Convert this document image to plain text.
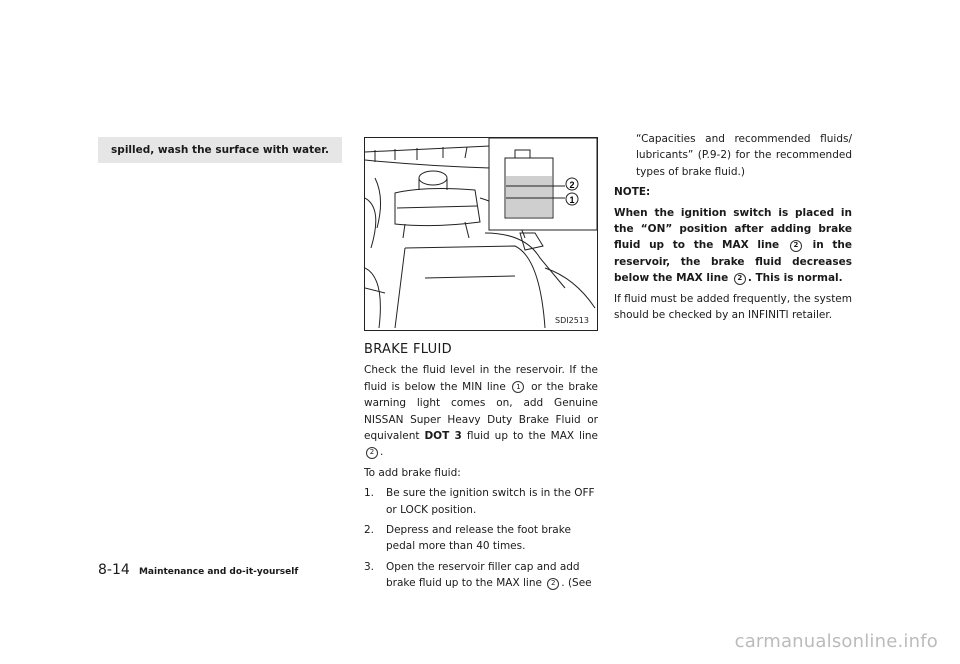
spilled, wash the surface with water.
2
1
SDI2513
BRAKE FLUID

Check the fluid level in the reservoir. If the fluid is below the MIN line 1 or the brake warning light comes on, add Genuine NISSAN Super Heavy Duty Brake Fluid or equivalent DOT 3 fluid up to the MAX line 2 .

To add brake fluid:

1. Be sure the ignition switch is in the OFF or LOCK position.
2. Depress and release the foot brake pedal more than 40 times.
3. Open the reservoir filler cap and add brake fluid up to the MAX line 2 . (See

“Capacities and recommended fluids/ lubricants” (P.9-2) for the recommended types of brake fluid.)

NOTE:

When the ignition switch is placed in the “ON” position after adding brake fluid up to the MAX line 2 in the reservoir, the brake fluid decreases below the MAX line 2 . This is normal.

If fluid must be added frequently, the system should be checked by an INFINITI retailer.

8-14 Maintenance and do-it-yourself
carmanualsonline.info
